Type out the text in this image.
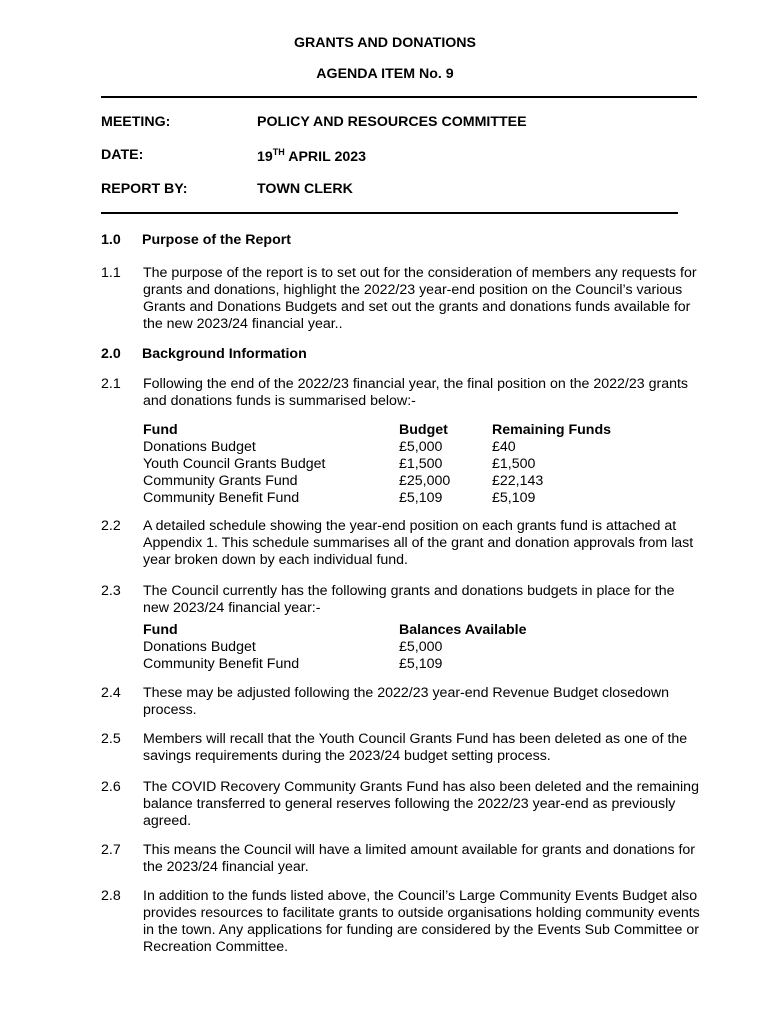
GRANTS AND DONATIONS
AGENDA ITEM No. 9
MEETING:	POLICY AND RESOURCES COMMITTEE
DATE:	19TH APRIL 2023
REPORT BY:	TOWN CLERK
1.0 Purpose of the Report
1.1 The purpose of the report is to set out for the consideration of members any requests for grants and donations, highlight the 2022/23 year-end position on the Council’s various Grants and Donations Budgets and set out the grants and donations funds available for the new 2023/24 financial year..
2.0 Background Information
2.1 Following the end of the 2022/23 financial year, the final position on the 2022/23 grants and donations funds is summarised below:-
Fund	Budget	Remaining Funds
Donations Budget	£5,000	£40
Youth Council Grants Budget	£1,500	£1,500
Community Grants Fund	£25,000	£22,143
Community Benefit Fund	£5,109	£5,109
2.2 A detailed schedule showing the year-end position on each grants fund is attached at Appendix 1. This schedule summarises all of the grant and donation approvals from last year broken down by each individual fund.
2.3 The Council currently has the following grants and donations budgets in place for the new 2023/24 financial year:-
Fund	Balances Available
Donations Budget	£5,000
Community Benefit Fund	£5,109
2.4 These may be adjusted following the 2022/23 year-end Revenue Budget closedown process.
2.5 Members will recall that the Youth Council Grants Fund has been deleted as one of the savings requirements during the 2023/24 budget setting process.
2.6 The COVID Recovery Community Grants Fund has also been deleted and the remaining balance transferred to general reserves following the 2022/23 year-end as previously agreed.
2.7 This means the Council will have a limited amount available for grants and donations for the 2023/24 financial year.
2.8 In addition to the funds listed above, the Council’s Large Community Events Budget also provides resources to facilitate grants to outside organisations holding community events in the town. Any applications for funding are considered by the Events Sub Committee or Recreation Committee.
